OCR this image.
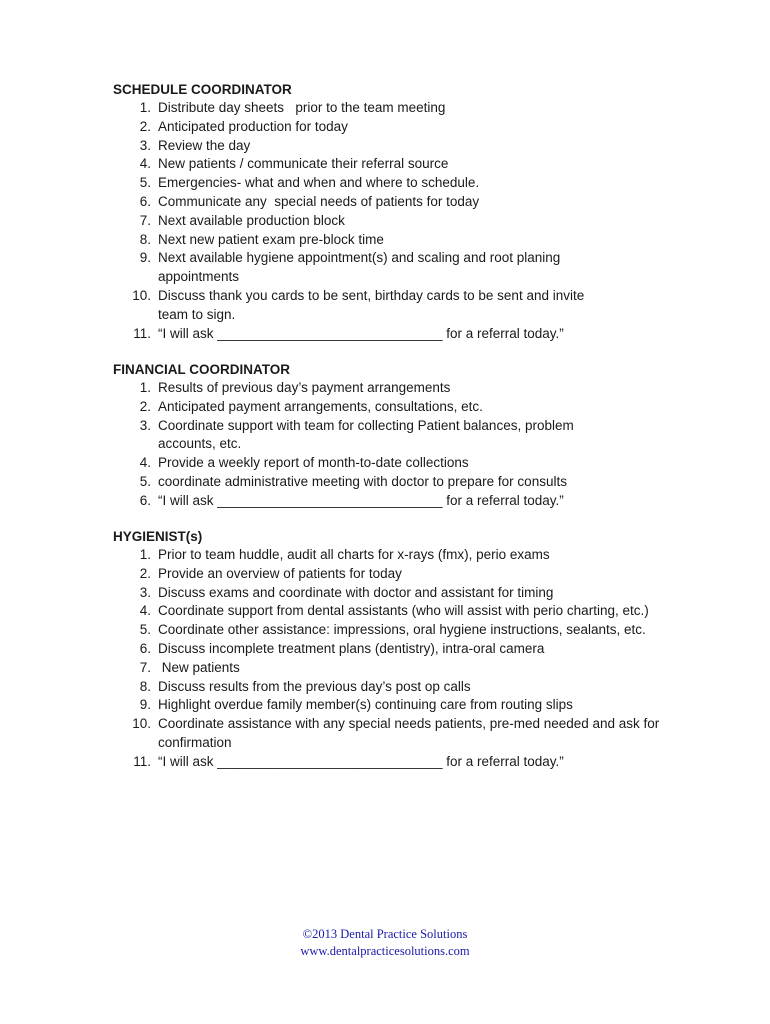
SCHEDULE COORDINATOR

1. Distribute day sheets   prior to the team meeting
2. Anticipated production for today
3. Review the day
4. New patients / communicate their referral source
5. Emergencies- what and when and where to schedule.
6. Communicate any  special needs of patients for today
7. Next available production block
8. Next new patient exam pre-block time
9. Next available hygiene appointment(s) and scaling and root planing appointments
10. Discuss thank you cards to be sent, birthday cards to be sent and invite team to sign.
11. “I will ask ______________________________ for a referral today.”

FINANCIAL COORDINATOR

1. Results of previous day’s payment arrangements
2. Anticipated payment arrangements, consultations, etc.
3. Coordinate support with team for collecting Patient balances, problem accounts, etc.
4. Provide a weekly report of month-to-date collections
5. coordinate administrative meeting with doctor to prepare for consults
6. “I will ask ______________________________ for a referral today.”

HYGIENIST(s)

1. Prior to team huddle, audit all charts for x-rays (fmx), perio exams
2. Provide an overview of patients for today
3. Discuss exams and coordinate with doctor and assistant for timing
4. Coordinate support from dental assistants (who will assist with perio charting, etc.)
5. Coordinate other assistance: impressions, oral hygiene instructions, sealants, etc.
6. Discuss incomplete treatment plans (dentistry), intra-oral camera
7. New patients
8. Discuss results from the previous day’s post op calls
9. Highlight overdue family member(s) continuing care from routing slips
10. Coordinate assistance with any special needs patients, pre-med needed and ask for confirmation
11. “I will ask ______________________________ for a referral today.”
©2013 Dental Practice Solutions
www.dentalpracticesolutions.com
